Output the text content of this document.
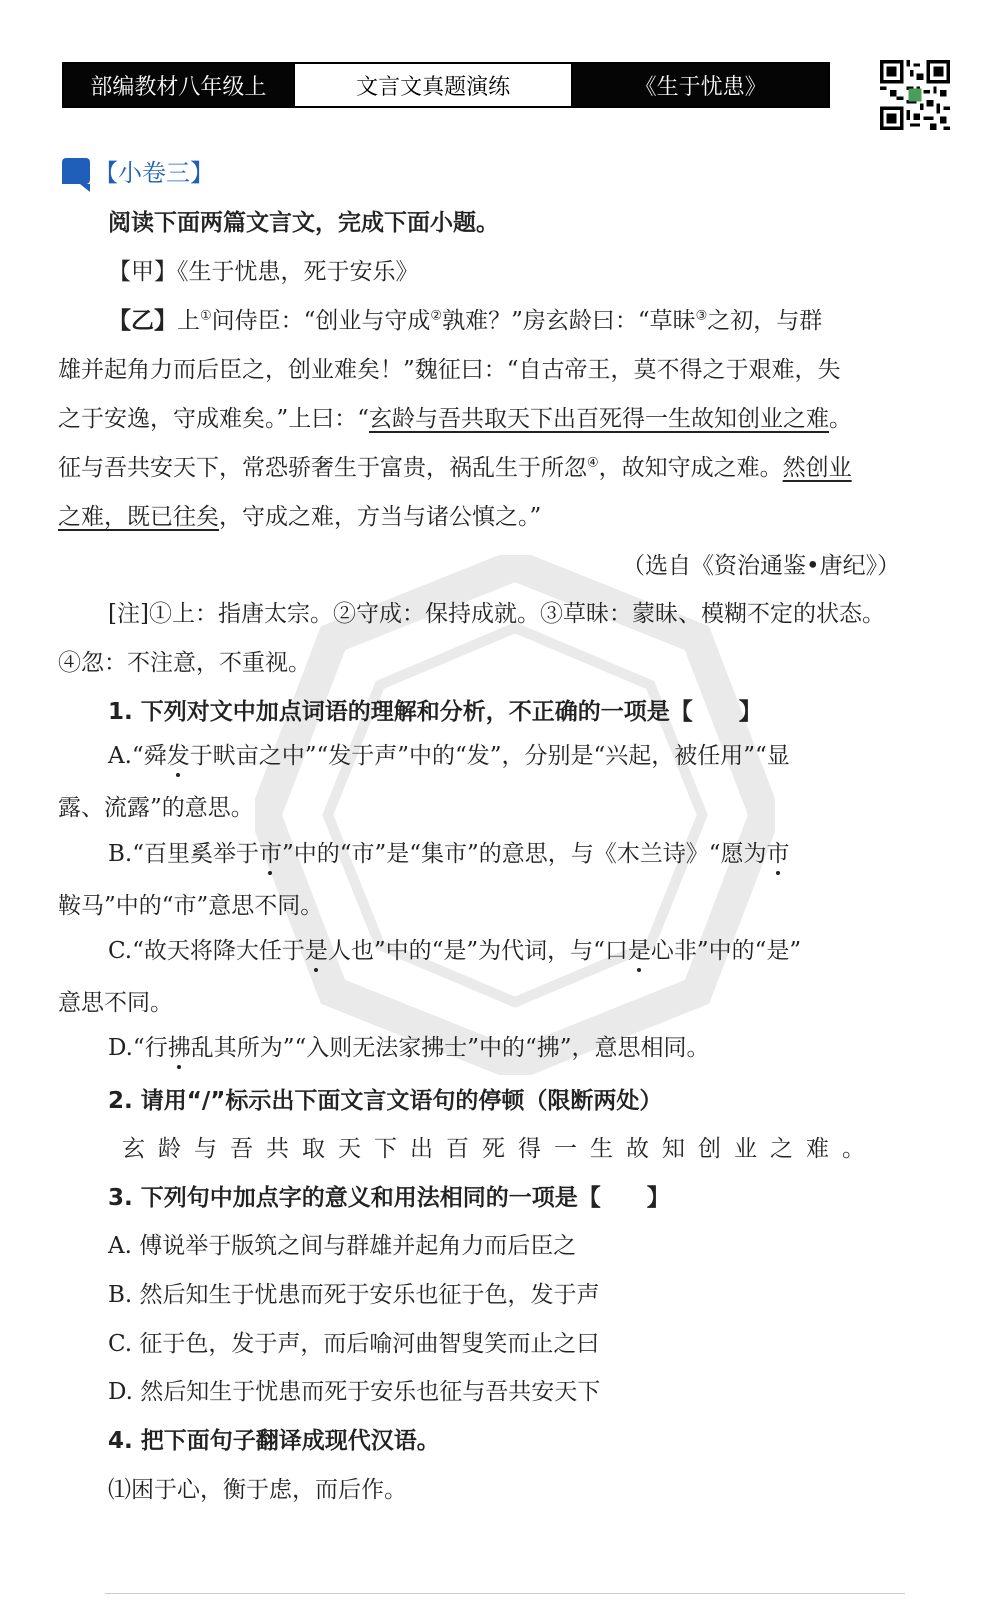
部编教材八年级上	文言文真题演练	《生于忧患》
【小卷三】
阅读下面两篇文言文，完成下面小题。
【甲】《生于忧患，死于安乐》
【乙】上①问侍臣：“创业与守成②孰难？”房玄龄曰：“草昧③之初，与群
雄并起角力而后臣之，创业难矣！”魏征曰：“自古帝王，莫不得之于艰难，失
之于安逸，守成难矣。”上曰：“玄龄与吾共取天下出百死得一生故知创业之难。
征与吾共安天下，常恐骄奢生于富贵，祸乱生于所忽④，故知守成之难。然创业
之难，既已往矣，守成之难，方当与诸公慎之。”
（选自《资治通鉴•唐纪》）
[注]①上：指唐太宗。②守成：保持成就。③草昧：蒙昧、模糊不定的状态。
④忽：不注意，不重视。
1. 下列对文中加点词语的理解和分析，不正确的一项是【　　】
A.“舜发于畎亩之中”“发于声”中的“发”，分别是“兴起，被任用”“显
露、流露”的意思。
B.“百里奚举于市”中的“市”是“集市”的意思，与《木兰诗》“愿为市
鞍马”中的“市”意思不同。
C.“故天将降大任于是人也”中的“是”为代词，与“口是心非”中的“是”
意思不同。
D.“行拂乱其所为”“入则无法家拂士”中的“拂”，意思相同。
2. 请用“/”标示出下面文言文语句的停顿（限断两处）
玄龄与吾共取天下出百死得一生故知创业之难。
3. 下列句中加点字的意义和用法相同的一项是【　　】
A. 傅说举于版筑之间与群雄并起角力而后臣之
B. 然后知生于忧患而死于安乐也征于色，发于声
C. 征于色，发于声，而后喻河曲智叟笑而止之曰
D. 然后知生于忧患而死于安乐也征与吾共安天下
4. 把下面句子翻译成现代汉语。
⑴困于心，衡于虑，而后作。
